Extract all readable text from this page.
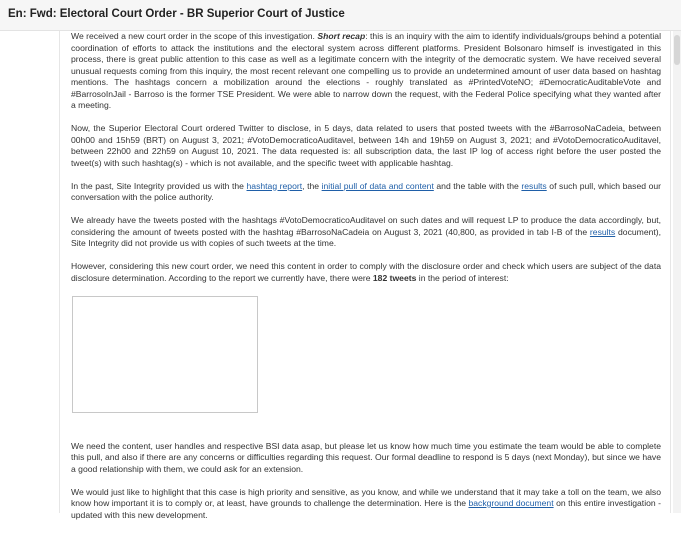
En: Fwd: Electoral Court Order - BR Superior Court of Justice

We received a new court order in the scope of this investigation. Short recap: this is an inquiry with the aim to identify individuals/groups behind a potential coordination of efforts to attack the institutions and the electoral system across different platforms. President Bolsonaro himself is investigated in this process, there is great public attention to this case as well as a legitimate concern with the integrity of the democratic system. We have received several unusual requests coming from this inquiry, the most recent relevant one compelling us to provide an undetermined amount of user data based on hashtag mentions. The hashtags concern a mobilization around the elections - roughly translated as #PrintedVoteNO; #DemocraticAuditableVote and #BarrosoInJail - Barroso is the former TSE President. We were able to narrow down the request, with the Federal Police specifying what they wanted after a meeting.

Now, the Superior Electoral Court ordered Twitter to disclose, in 5 days, data related to users that posted tweets with the #BarrosoNaCadeia, between 00h00 and 15h59 (BRT) on August 3, 2021; #VotoDemocraticoAuditavel, between 14h and 19h59 on August 3, 2021; and #VotoDemocraticoAuditavel, between 22h00 and 22h59 on August 10, 2021. The data requested is: all subscription data, the last IP log of access right before the user posted the tweet(s) with such hashtag(s) - which is not available, and the specific tweet with applicable hashtag.

In the past, Site Integrity provided us with the hashtag report, the initial pull of data and content and the table with the results of such pull, which based our conversation with the police authority.

We already have the tweets posted with the hashtags #VotoDemocraticoAuditavel on such dates and will request LP to produce the data accordingly, but, considering the amount of tweets posted with the hashtag #BarrosoNaCadeia on August 3, 2021 (40,800, as provided in tab I-B of the results document), Site Integrity did not provide us with copies of such tweets at the time.

However, considering this new court order, we need this content in order to comply with the disclosure order and check which users are subject of the data disclosure determination. According to the report we currently have, there were 182 tweets in the period of interest:

We need the content, user handles and respective BSI data asap, but please let us know how much time you estimate the team would be able to complete this pull, and also if there are any concerns or difficulties regarding this request. Our formal deadline to respond is 5 days (next Monday), but since we have a good relationship with them, we could ask for an extension.

We would just like to highlight that this case is high priority and sensitive, as you know, and while we understand that it may take a toll on the team, we also know how important it is to comply or, at least, have grounds to challenge the determination. Here is the background document on this entire investigation - updated with this new development.
